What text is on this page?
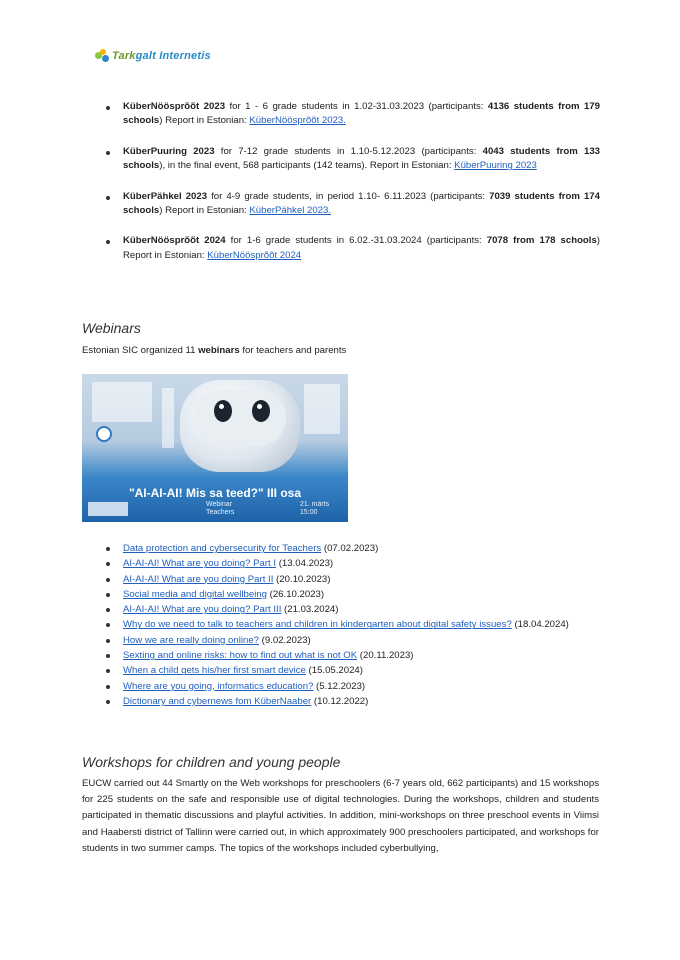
Tarkgalt Internetis
KüberNöösprõõt 2023 for 1 - 6 grade students in 1.02-31.03.2023 (participants: 4136 students from 179 schools) Report in Estonian: KüberNöösprõõt 2023.
KüberPuuring 2023 for 7-12 grade students in 1.10-5.12.2023 (participants: 4043 students from 133 schools), in the final event, 568 participants (142 teams). Report in Estonian: KüberPuuring 2023
KüberPähkel 2023 for 4-9 grade students, in period 1.10- 6.11.2023 (participants: 7039 students from 174 schools) Report in Estonian: KüberPähkel 2023.
KüberNöösprõõt 2024 for 1-6 grade students in 6.02.-31.03.2024 (participants: 7078 from 178 schools) Report in Estonian: KüberNöösprõõt 2024
Webinars
Estonian SIC organized 11 webinars for teachers and parents
"AI-AI-AI! Mis sa teed?" III osa
Webinar
Teachers
21. märts
15:00
Data protection and cybersecurity for Teachers (07.02.2023)
AI-AI-AI! What are you doing? Part I (13.04.2023)
AI-AI-AI! What are you doing Part II (20.10.2023)
Social media and digital wellbeing (26.10.2023)
AI-AI-AI! What are you doing? Part III (21.03.2024)
Why do we need to talk to teachers and children in kindergarten about digital safety issues? (18.04.2024)
How we are really doing online? (9.02.2023)
Sexting and online risks: how to find out what is not OK (20.11.2023)
When a child gets his/her first smart device (15.05.2024)
Where are you going, informatics education? (5.12.2023)
Dictionary and cybernews fom KüberNaaber (10.12.2022)
Workshops for children and young people
EUCW carried out 44 Smartly on the Web workshops for preschoolers (6-7 years old, 662 participants) and 15 workshops for 225 students on the safe and responsible use of digital technologies. During the workshops, children and students participated in thematic discussions and playful activities. In addition, mini-workshops on three preschool events in Viimsi and Haabersti district of Tallinn were carried out, in which approximately 900 preschoolers participated, and workshops for students in two summer camps. The topics of the workshops included cyberbullying,
